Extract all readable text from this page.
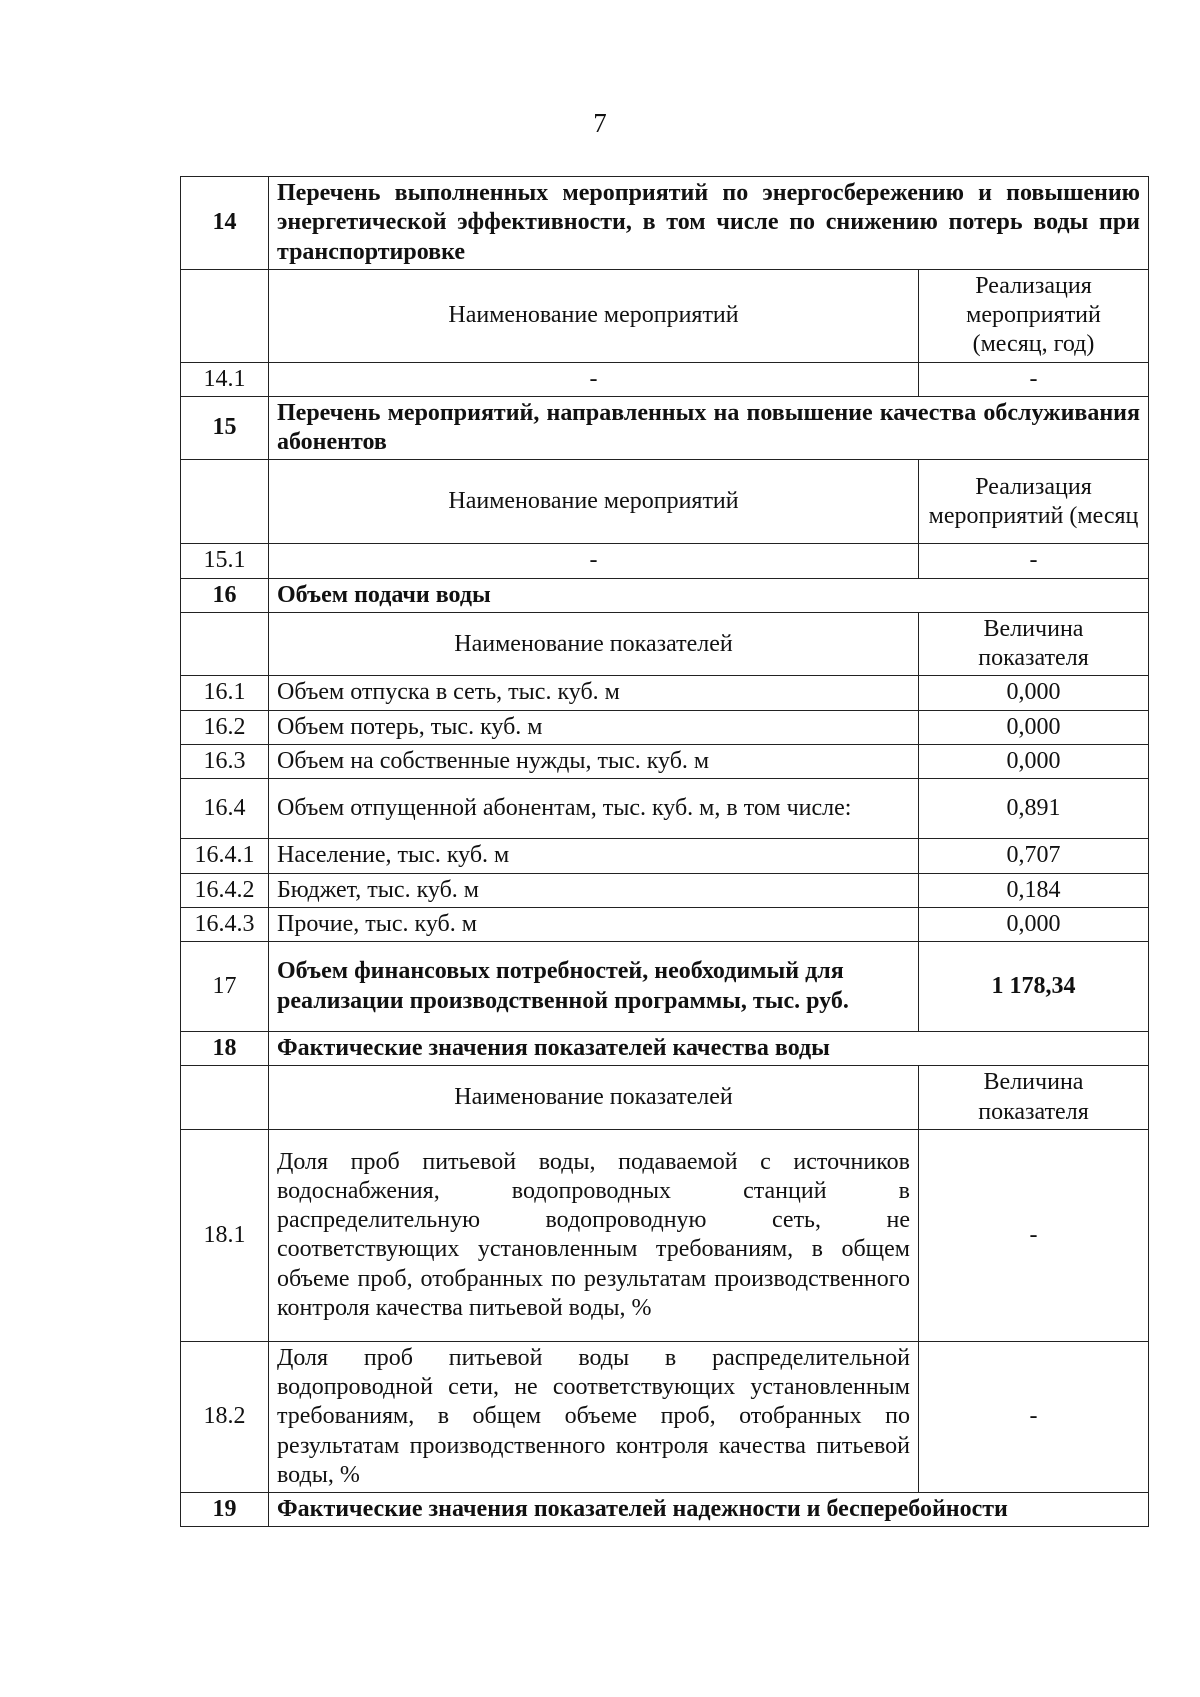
7
14	Перечень выполненных мероприятий по энергосбережению и повышению энергетической эффективности, в том числе по снижению потерь воды при транспортировке	
	Наименование мероприятий	Реализация мероприятий (месяц, год)
14.1	-	-
15	Перечень мероприятий, направленных на повышение качества обслуживания абонентов	
	Наименование мероприятий	Реализация мероприятий (месяц
15.1	-	-
16	Объем подачи воды	
	Наименование показателей	Величина показателя
16.1	Объем отпуска в сеть, тыс. куб. м	0,000
16.2	Объем потерь, тыс. куб. м	0,000
16.3	Объем на собственные нужды, тыс. куб. м	0,000
16.4	Объем отпущенной абонентам, тыс. куб. м, в том числе:	0,891
16.4.1	Население, тыс. куб. м	0,707
16.4.2	Бюджет, тыс. куб. м	0,184
16.4.3	Прочие, тыс. куб. м	0,000
17	Объем финансовых потребностей, необходимый для реализации производственной программы, тыс. руб.	1 178,34
18	Фактические значения показателей качества воды	
	Наименование показателей	Величина показателя
18.1	Доля проб питьевой воды, подаваемой с источников водоснабжения, водопроводных станций в распределительную водопроводную сеть, не соответствующих установленным требованиям, в общем объеме проб, отобранных по результатам производственного контроля качества питьевой воды, %	-
18.2	Доля проб питьевой воды в распределительной водопроводной сети, не соответствующих установленным требованиям, в общем объеме проб, отобранных по результатам производственного контроля качества питьевой воды, %	-
19	Фактические значения показателей надежности и бесперебойности	
